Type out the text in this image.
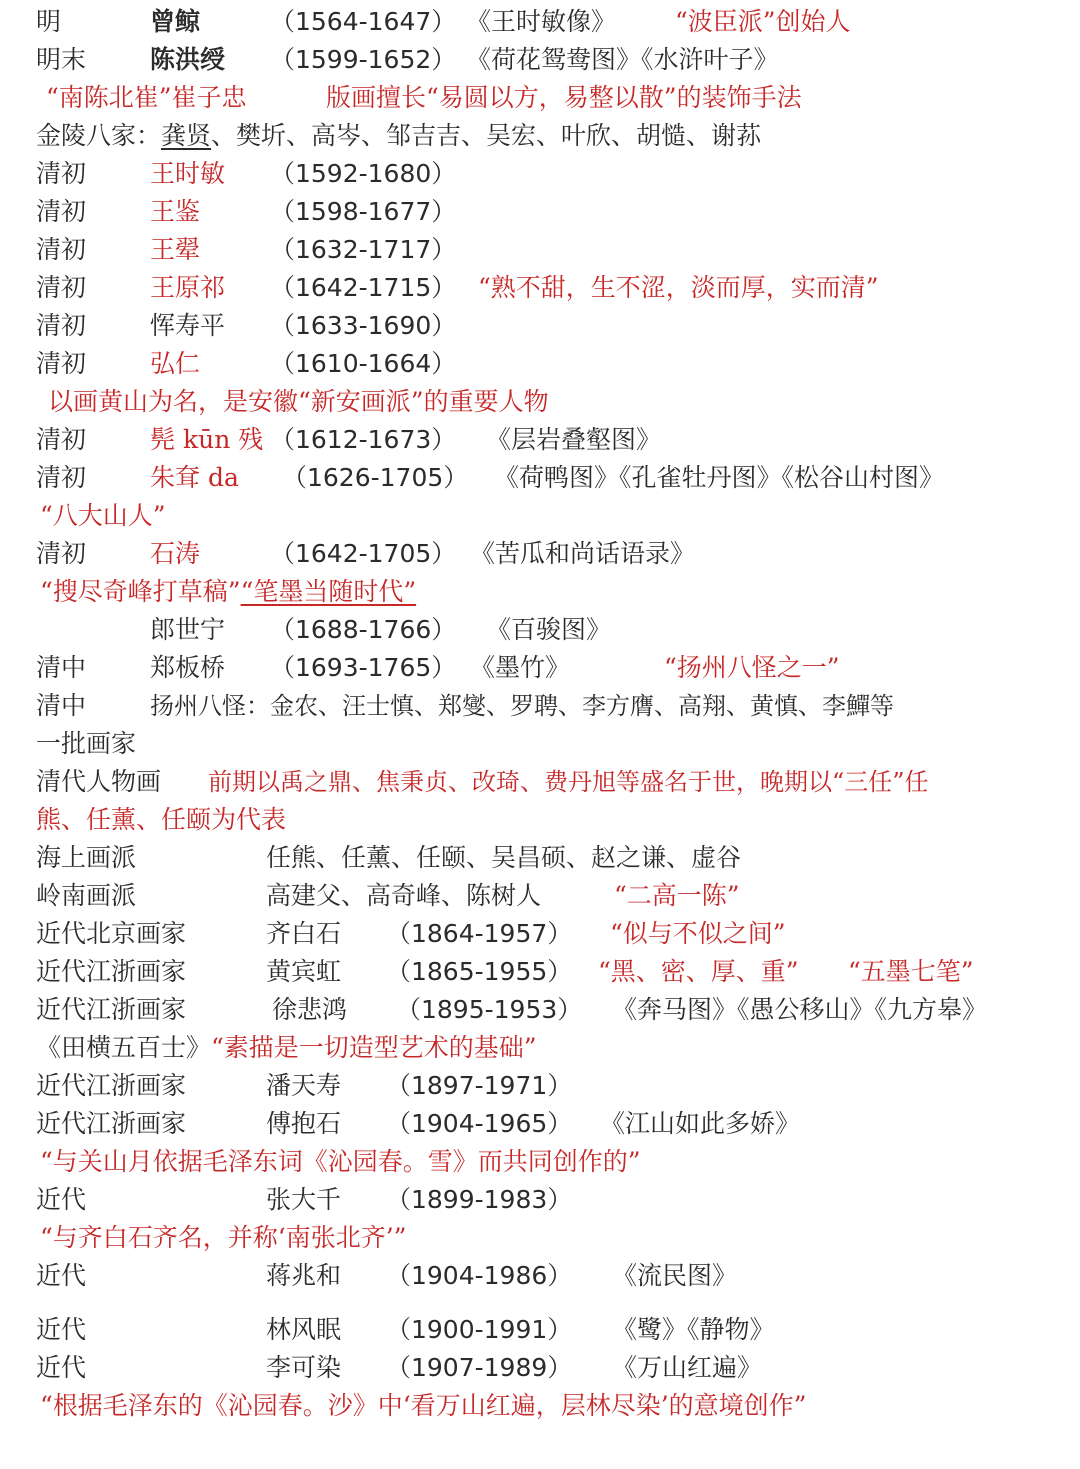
明	曾鲸	（1564-1647） 《王时敏像》 “波臣派”创始人
明末	陈洪绶 （1599-1652） 《荷花鸳鸯图》《水浒叶子》
“南陈北崔”崔子忠	版画擅长“易圆以方，易整以散”的装饰手法
金陵八家：龚贤、樊圻、高岑、邹吉吉、吴宏、叶欣、胡慥、谢荪
清初	王时敏 （1592-1680）
清初	王鉴	（1598-1677）
清初	王翚	（1632-1717）
清初	王原祁 （1642-1715） “熟不甜，生不涩，淡而厚，实而清”
清初	恽寿平 （1633-1690）
清初	弘仁	（1610-1664）
以画黄山为名，是安徽“新安画派”的重要人物
清初	髡 kūn 残 （1612-1673） 《层岩叠壑图》
清初	朱耷 da （1626-1705） 《荷鸭图》《孔雀牡丹图》《松谷山村图》
“八大山人”
清初	石涛	（1642-1705） 《苦瓜和尚话语录》
“搜尽奇峰打草稿”“笔墨当随时代”
郎世宁 （1688-1766） 《百骏图》
清中	郑板桥 （1693-1765） 《墨竹》	“扬州八怪之一”
清中	扬州八怪：金农、汪士慎、郑燮、罗聘、李方膺、高翔、黄慎、李鱓等
一批画家
清代人物画 前期以禹之鼎、焦秉贞、改琦、费丹旭等盛名于世，晚期以“三任”任
熊、任薰、任颐为代表
海上画派	任熊、任薰、任颐、吴昌硕、赵之谦、虚谷
岭南画派	高建父、高奇峰、陈树人	“二高一陈”
近代北京画家	齐白石 （1864-1957） “似与不似之间”
近代江浙画家	黄宾虹 （1865-1955） “黑、密、厚、重” “五墨七笔”
近代江浙画家	徐悲鸿 （1895-1953） 《奔马图》《愚公移山》《九方皋》
《田横五百士》“素描是一切造型艺术的基础”
近代江浙画家	潘天寿 （1897-1971）
近代江浙画家	傅抱石 （1904-1965） 《江山如此多娇》
“与关山月依据毛泽东词《沁园春。雪》而共同创作的”
近代	张大千 （1899-1983）
“与齐白石齐名，并称‘南张北齐’”
近代	蒋兆和 （1904-1986） 《流民图》
近代	林风眠 （1900-1991） 《鹭》《静物》
近代	李可染 （1907-1989） 《万山红遍》
“根据毛泽东的《沁园春。沙》中‘看万山红遍，层林尽染’的意境创作”
